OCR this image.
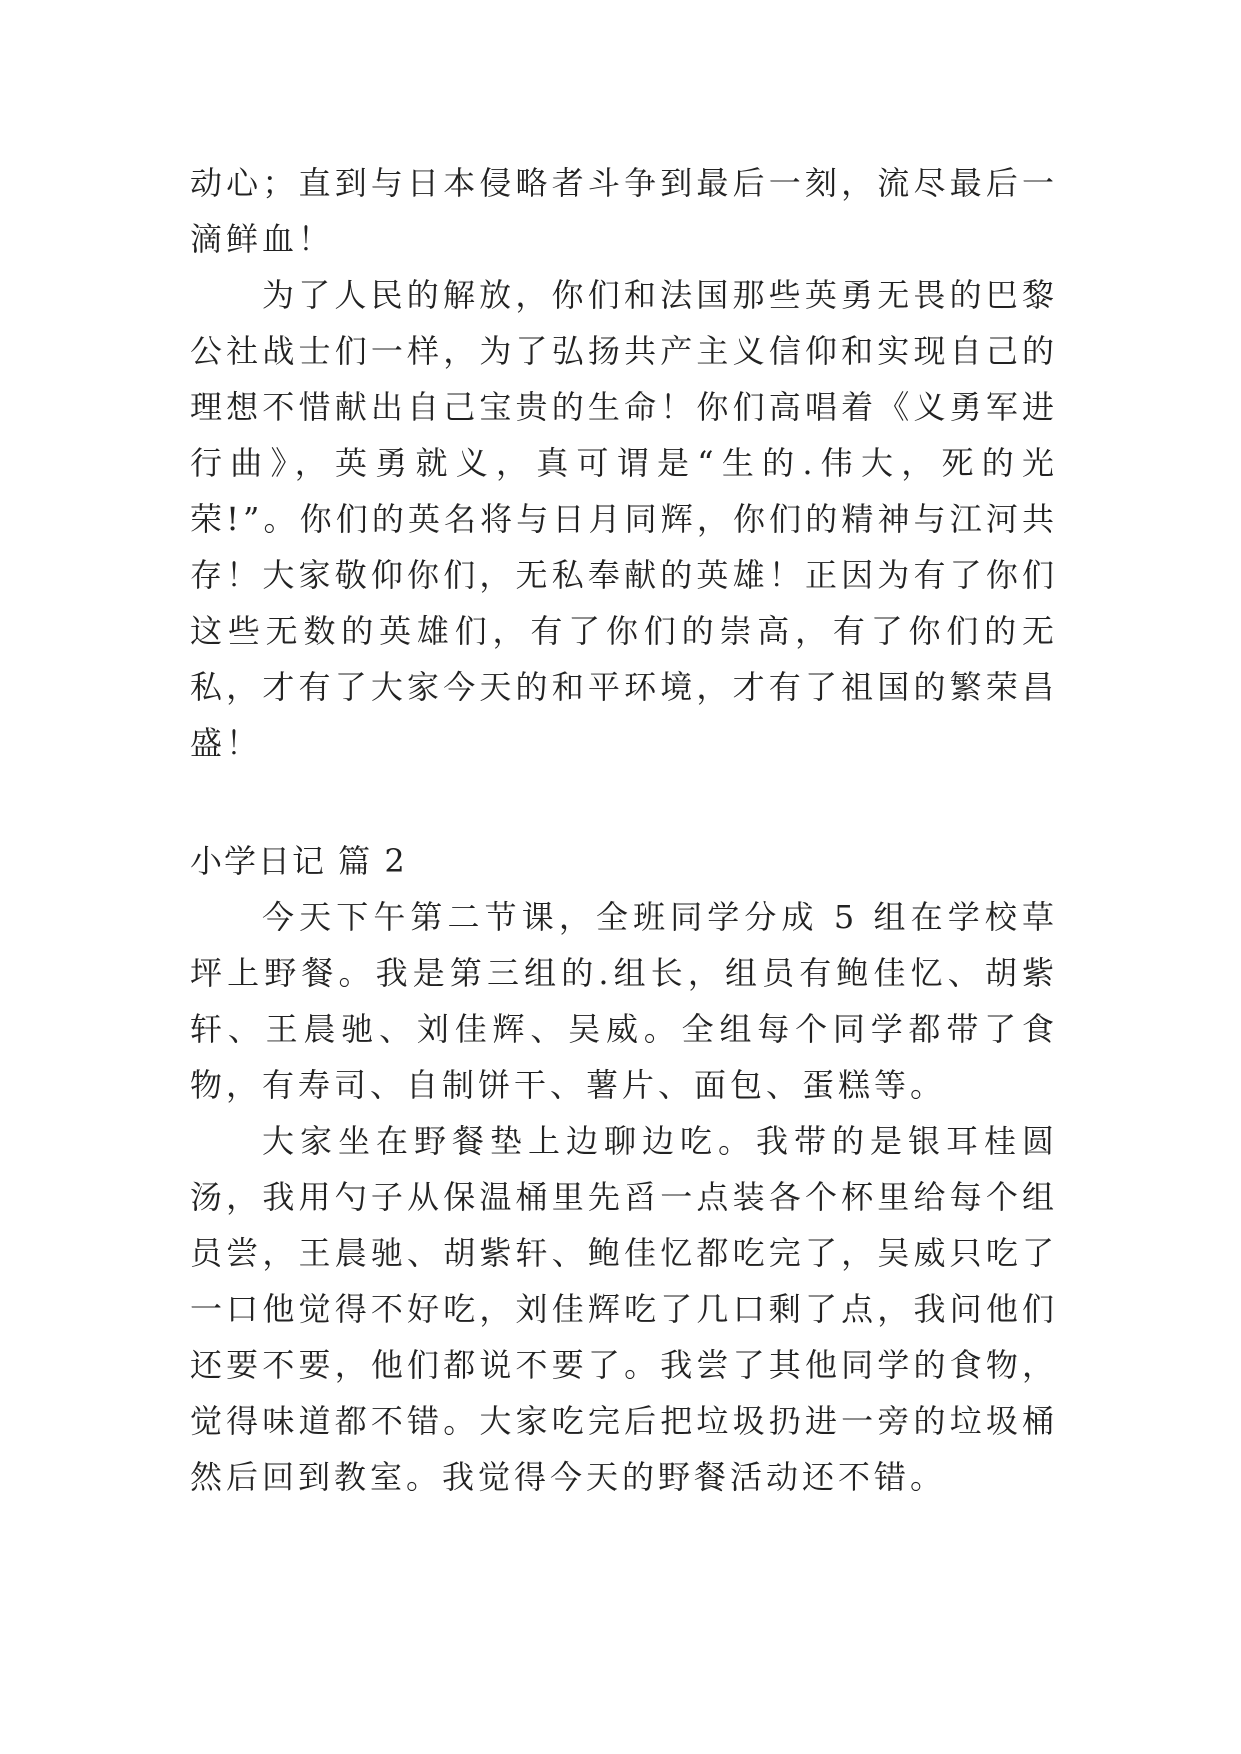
动心；直到与日本侵略者斗争到最后一刻，流尽最后一滴鲜血！

为了人民的解放，你们和法国那些英勇无畏的巴黎公社战士们一样，为了弘扬共产主义信仰和实现自己的理想不惜献出自己宝贵的生命！你们高唱着《义勇军进行曲》，英勇就义，真可谓是“生的.伟大，死的光荣!”。你们的英名将与日月同辉，你们的精神与江河共存！大家敬仰你们，无私奉献的英雄！正因为有了你们这些无数的英雄们，有了你们的崇高，有了你们的无私，才有了大家今天的和平环境，才有了祖国的繁荣昌盛！

小学日记 篇 2

今天下午第二节课，全班同学分成 5 组在学校草坪上野餐。我是第三组的.组长，组员有鲍佳忆、胡紫轩、王晨驰、刘佳辉、吴威。全组每个同学都带了食物，有寿司、自制饼干、薯片、面包、蛋糕等。

大家坐在野餐垫上边聊边吃。我带的是银耳桂圆汤，我用勺子从保温桶里先舀一点装各个杯里给每个组员尝，王晨驰、胡紫轩、鲍佳忆都吃完了，吴威只吃了一口他觉得不好吃，刘佳辉吃了几口剩了点，我问他们还要不要，他们都说不要了。我尝了其他同学的食物，觉得味道都不错。大家吃完后把垃圾扔进一旁的垃圾桶然后回到教室。我觉得今天的野餐活动还不错。
